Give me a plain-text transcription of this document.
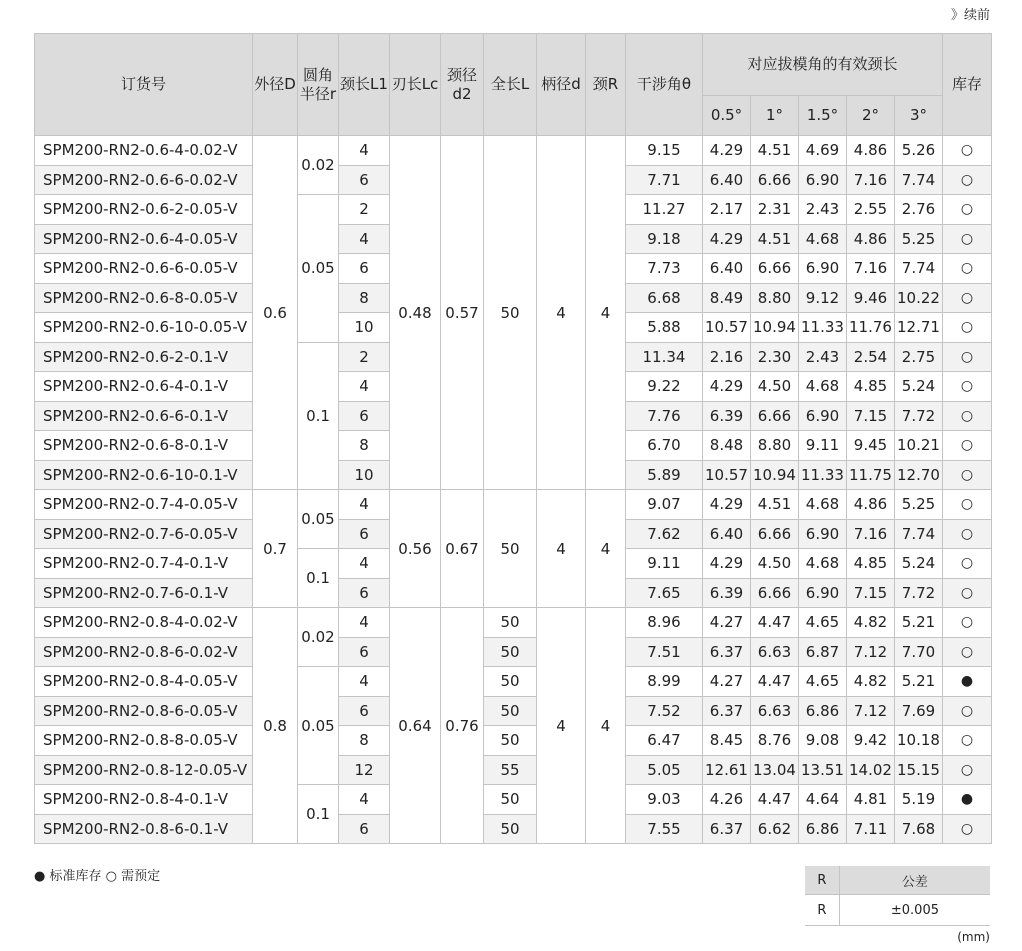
》续前
订货号	外径D	圆角半径r	颈长L1	刃长Lc	颈径d2	全长L	柄径d	颈R	干涉角θ	对应拔模角的有效颈长					库存
										0.5°	1°	1.5°	2°	3°	
SPM200-RN2-0.6-4-0.02-V	0.6	0.02	4	0.48	0.57	50	4	4	9.15	4.29	4.51	4.69	4.86	5.26	○
SPM200-RN2-0.6-6-0.02-V			6						7.71	6.40	6.66	6.90	7.16	7.74	○
SPM200-RN2-0.6-2-0.05-V		0.05	2						11.27	2.17	2.31	2.43	2.55	2.76	○
SPM200-RN2-0.6-4-0.05-V			4						9.18	4.29	4.51	4.68	4.86	5.25	○
SPM200-RN2-0.6-6-0.05-V			6						7.73	6.40	6.66	6.90	7.16	7.74	○
SPM200-RN2-0.6-8-0.05-V			8						6.68	8.49	8.80	9.12	9.46	10.22	○
SPM200-RN2-0.6-10-0.05-V			10						5.88	10.57	10.94	11.33	11.76	12.71	○
SPM200-RN2-0.6-2-0.1-V		0.1	2						11.34	2.16	2.30	2.43	2.54	2.75	○
SPM200-RN2-0.6-4-0.1-V			4						9.22	4.29	4.50	4.68	4.85	5.24	○
SPM200-RN2-0.6-6-0.1-V			6						7.76	6.39	6.66	6.90	7.15	7.72	○
SPM200-RN2-0.6-8-0.1-V			8						6.70	8.48	8.80	9.11	9.45	10.21	○
SPM200-RN2-0.6-10-0.1-V			10						5.89	10.57	10.94	11.33	11.75	12.70	○
SPM200-RN2-0.7-4-0.05-V	0.7	0.05	4	0.56	0.67	50	4	4	9.07	4.29	4.51	4.68	4.86	5.25	○
SPM200-RN2-0.7-6-0.05-V			6						7.62	6.40	6.66	6.90	7.16	7.74	○
SPM200-RN2-0.7-4-0.1-V		0.1	4						9.11	4.29	4.50	4.68	4.85	5.24	○
SPM200-RN2-0.7-6-0.1-V			6						7.65	6.39	6.66	6.90	7.15	7.72	○
SPM200-RN2-0.8-4-0.02-V	0.8	0.02	4	0.64	0.76	50	4	4	8.96	4.27	4.47	4.65	4.82	5.21	○
SPM200-RN2-0.8-6-0.02-V			6			50			7.51	6.37	6.63	6.87	7.12	7.70	○
SPM200-RN2-0.8-4-0.05-V		0.05	4			50			8.99	4.27	4.47	4.65	4.82	5.21	●
SPM200-RN2-0.8-6-0.05-V			6			50			7.52	6.37	6.63	6.86	7.12	7.69	○
SPM200-RN2-0.8-8-0.05-V			8			50			6.47	8.45	8.76	9.08	9.42	10.18	○
SPM200-RN2-0.8-12-0.05-V			12			55			5.05	12.61	13.04	13.51	14.02	15.15	○
SPM200-RN2-0.8-4-0.1-V		0.1	4			50			9.03	4.26	4.47	4.64	4.81	5.19	●
SPM200-RN2-0.8-6-0.1-V			6			50			7.55	6.37	6.62	6.86	7.11	7.68	○
● 标准库存 ○ 需预定	R	公差
R	±0.005
(mm)
